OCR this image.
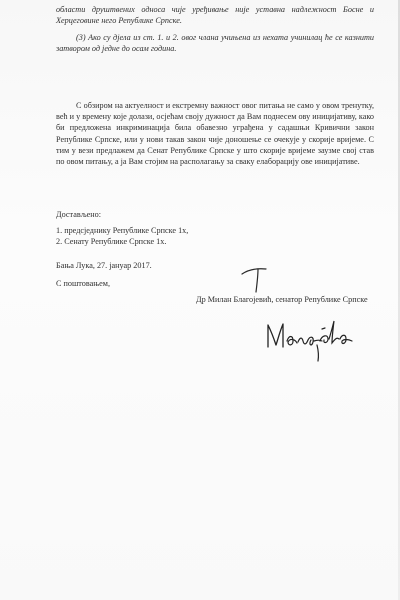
области друштвених односа чије уређивање није уставна надлежност Босне и Херцеговине него Републике Српске.
(3) Ако су дјела из ст. 1. и 2. овог члана учињена из нехата учинилац ће се казнити затвором од једне до осам година.
С обзиром на актуелност и екстремну важност овог питања не само у овом тренутку, већ и у времену које долази, осјећам своју дужност да Вам поднесем ову иницијативу, како би предложена инкриминација била обавезно уграђена у садашњи Кривични закон Републике Српске, или у нови такав закон чије доношење се очекује у скорије вријеме. С тим у вези предлажем да Сенат Републике Српске у што скорије вријеме заузме свој став по овом питању, а ја Вам стојим на располагању за сваку елаборацију ове иницијативе.
Достављено:
1. предсједнику Републике Српске 1х,
2. Сенату Републике Српске 1х.
Бања Лука, 27. јануар 2017.
С поштовањем,
Др Милан Благојевић, сенатор Републике Српске
